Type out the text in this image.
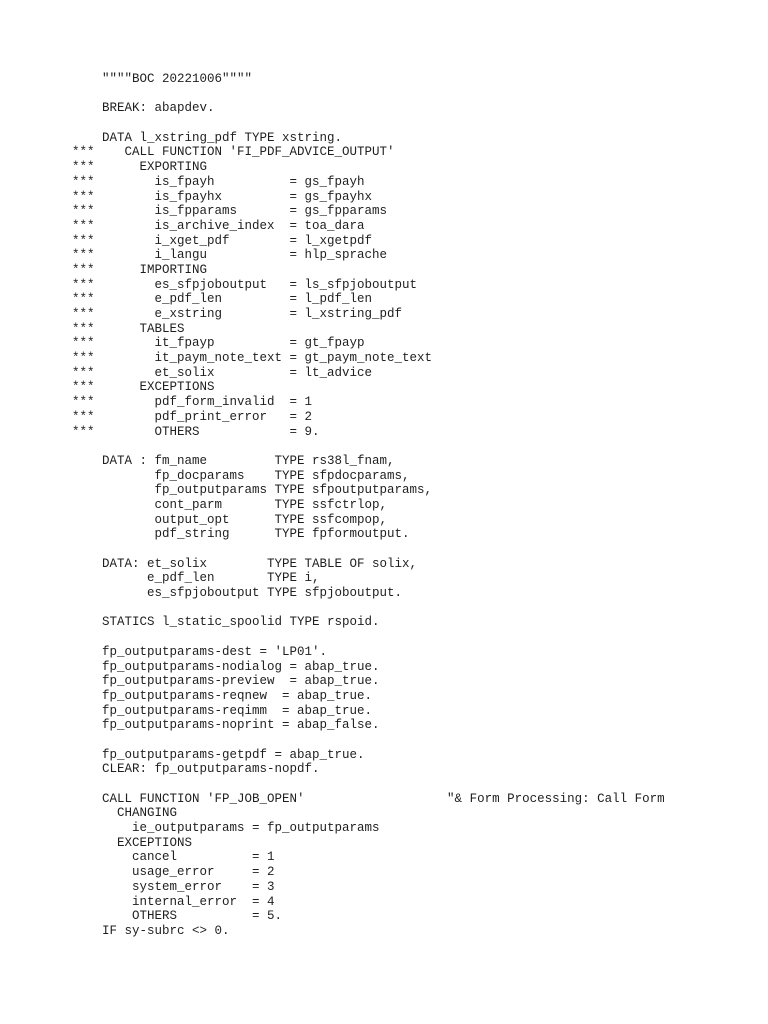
""""BOC 20221006""""
BREAK: abapdev.
DATA l_xstring_pdf TYPE xstring.
***    CALL FUNCTION 'FI_PDF_ADVICE_OUTPUT'
***      EXPORTING
***        is_fpayh          = gs_fpayh
***        is_fpayhx         = gs_fpayhx
***        is_fpparams       = gs_fpparams
***        is_archive_index  = toa_dara
***        i_xget_pdf        = l_xgetpdf
***        i_langu           = hlp_sprache
***      IMPORTING
***        es_sfpjoboutput   = ls_sfpjoboutput
***        e_pdf_len         = l_pdf_len
***        e_xstring         = l_xstring_pdf
***      TABLES
***        it_fpayp          = gt_fpayp
***        it_paym_note_text = gt_paym_note_text
***        et_solix          = lt_advice
***      EXCEPTIONS
***        pdf_form_invalid  = 1
***        pdf_print_error   = 2
***        OTHERS            = 9.
DATA : fm_name         TYPE rs38l_fnam,
fp_docparams    TYPE sfpdocparams,
fp_outputparams TYPE sfpoutputparams,
cont_parm       TYPE ssfctrlop,
output_opt      TYPE ssfcompop,
pdf_string      TYPE fpformoutput.
DATA: et_solix        TYPE TABLE OF solix,
e_pdf_len       TYPE i,
es_sfpjoboutput TYPE sfpjoboutput.
STATICS l_static_spoolid TYPE rspoid.
fp_outputparams-dest = 'LP01'.
fp_outputparams-nodialog = abap_true.
fp_outputparams-preview  = abap_true.
fp_outputparams-reqnew  = abap_true.
fp_outputparams-reqimm  = abap_true.
fp_outputparams-noprint = abap_false.
fp_outputparams-getpdf = abap_true.
CLEAR: fp_outputparams-nopdf.
CALL FUNCTION 'FP_JOB_OPEN'                   "& Form Processing: Call Form
CHANGING
ie_outputparams = fp_outputparams
EXCEPTIONS
cancel          = 1
usage_error     = 2
system_error    = 3
internal_error  = 4
OTHERS          = 5.
IF sy-subrc <> 0.
